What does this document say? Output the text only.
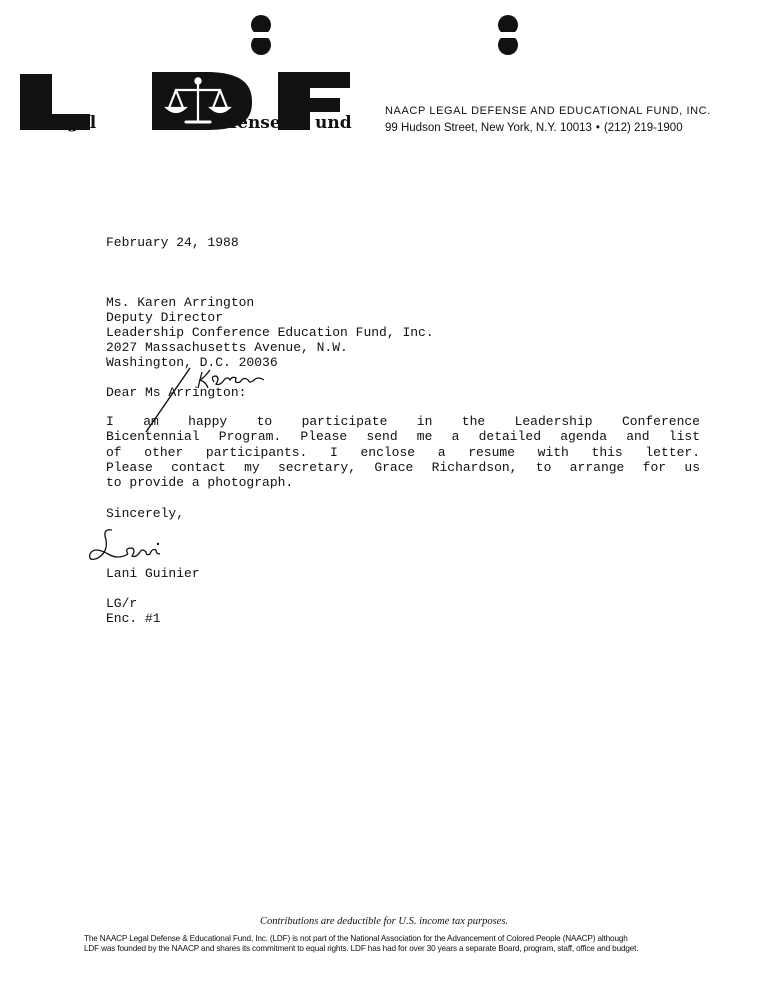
egal	efense und
NAACP LEGAL DEFENSE AND EDUCATIONAL FUND, INC.
99 Hudson Street, New York, N.Y. 10013 • (212) 219-1900
February 24, 1988
Ms. Karen Arrington
Deputy Director
Leadership Conference Education Fund, Inc.
2027 Massachusetts Avenue, N.W.
Washington, D.C. 20036
Dear Ms Arrington:
I am happy to participate in the Leadership Conference
Bicentennial Program. Please send me a detailed agenda and list
of other participants. I enclose a resume with this letter.
Please contact my secretary, Grace Richardson, to arrange for us
to provide a photograph.
Sincerely,
Lani Guinier
LG/r
Enc. #1
Contributions are deductible for U.S. income tax purposes.
The NAACP Legal Defense & Educational Fund, Inc. (LDF) is not part of the National Association for the Advancement of Colored People (NAACP) although
LDF was founded by the NAACP and shares its commitment to equal rights. LDF has had for over 30 years a separate Board, program, staff, office and budget.
